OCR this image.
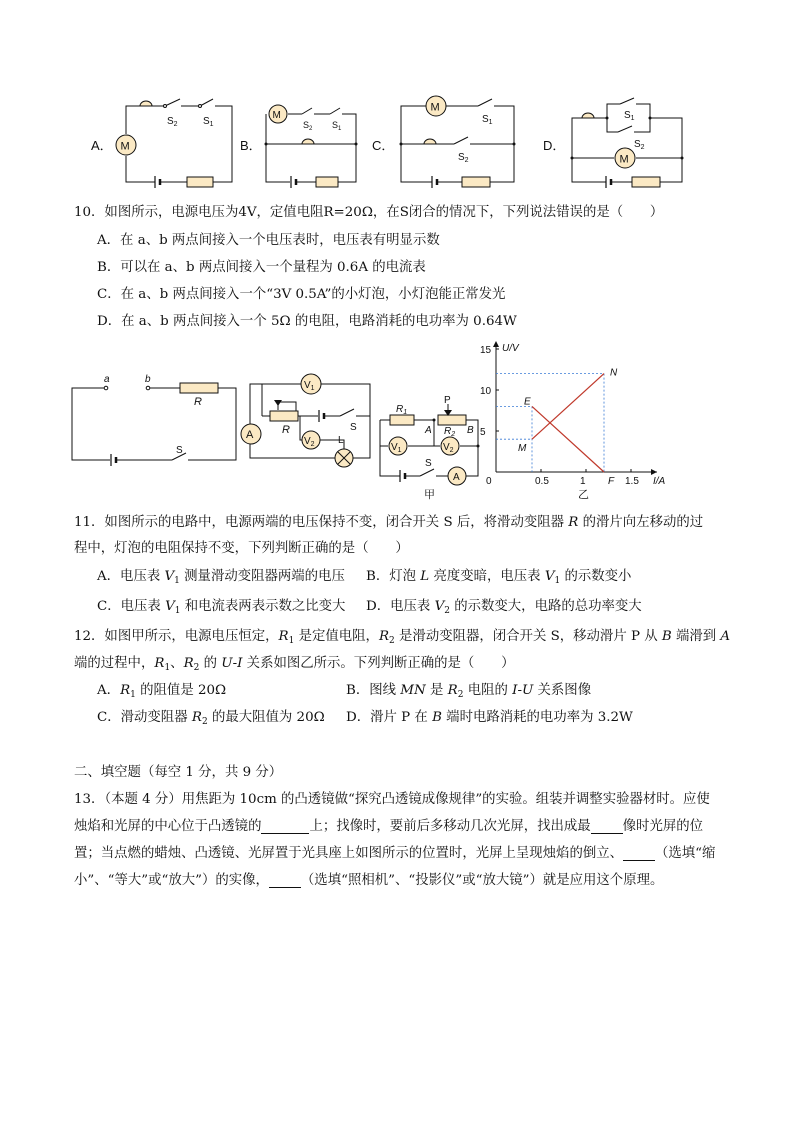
A． M
$S_2$	$S_1$
B．
M
$S_2$ $S_1$
C．
M
$S_1$
$S_2$
D．
M
$S_1$
$S_2$
10．如图所示，电源电压为4V，定值电阻R=20Ω，在S闭合的情况下，下列说法错误的是（　　）
A．在 a、b 两点间接入一个电压表时，电压表有明显示数
B．可以在 a、b 两点间接入一个量程为 0.6A 的电流表
C．在 a、b 两点间接入一个“3V 0.5A”的小灯泡，小灯泡能正常发光
D．在 a、b 两点间接入一个 5Ω 的电阻，电路消耗的电功率为 0.64W
a	b
R
S
$V_1$
$V_2$
A	R	S
L
$V_1$	$V_2$
A
$R_1$
$R_2$
P
A	B
S
甲
0	0.5	1	1.5
5
10
15
I/A
U/V
E
M
N
F
乙
11．如图所示的电路中，电源两端的电压保持不变，闭合开关 S 后，将滑动变阻器 R 的滑片向左移动的过
程中，灯泡的电阻保持不变，下列判断正确的是（　　）
A．电压表 $V_1$ 测量滑动变阻器两端的电压 B．灯泡 L 亮度变暗，电压表 $V_1$ 的示数变小
C．电压表 $V_1$ 和电流表两表示数之比变大 D．电压表 $V_2$ 的示数变大，电路的总功率变大
12．如图甲所示，电源电压恒定，$R_1$ 是定值电阻，$R_2$ 是滑动变阻器，闭合开关 S，移动滑片 P 从 B 端滑到 A
端的过程中，$R_1$、$R_2$ 的 U-I 关系如图乙所示。下列判断正确的是（　　）
A．$R_1$ 的阻值是 20Ω	B．图线 MN 是 $R_2$ 电阻的 I-U 关系图像
C．滑动变阻器 $R_2$ 的最大阻值为 20Ω D．滑片 P 在 B 端时电路消耗的电功率为 3.2W
二、填空题（每空 1 分，共 9 分）
13．（本题 4 分）用焦距为 10cm 的凸透镜做“探究凸透镜成像规律”的实验。组装并调整实验器材时。应使
烛焰和光屏的中心位于凸透镜的	上；找像时，要前后多移动几次光屏，找出成最 像时光屏的位
置；当点燃的蜡烛、凸透镜、光屏置于光具座上如图所示的位置时，光屏上呈现烛焰的倒立、 （选填“缩
小”、“等大”或“放大”）的实像， （选填“照相机”、“投影仪”或“放大镜”）就是应用这个原理。
